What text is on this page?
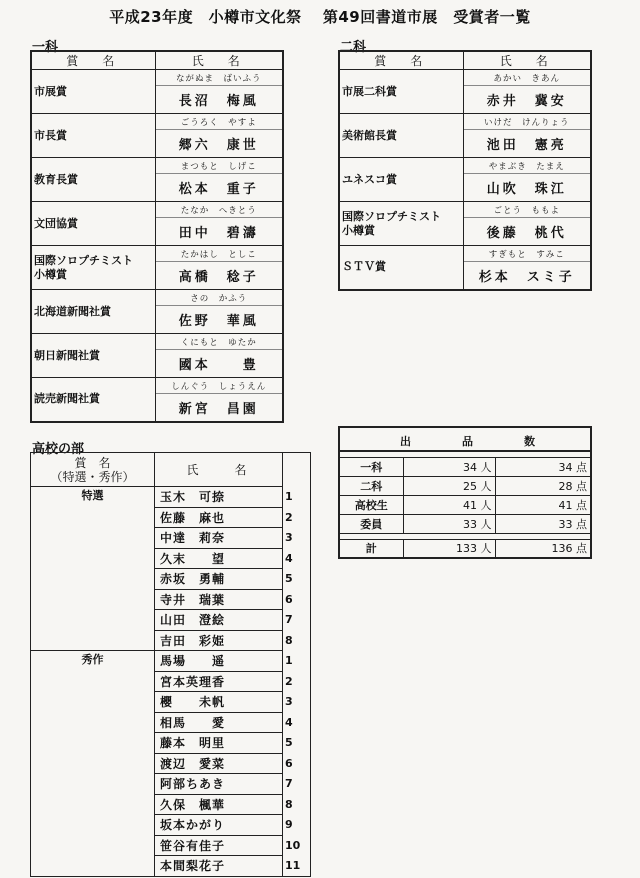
平成23年度　小樽市文化祭　 第49回書道市展　受賞者一覧
一科
賞　名	氏　名
市展賞	ながぬま　ばいふう
	長沼　梅風
市長賞	ごうろく　やすよ
	郷六　康世
教育長賞	まつもと　しげこ
	松本　重子
文団協賞	たなか　へきとう
	田中　碧濤
国際ソロプチミスト
小樽賞	たかはし　としこ
	高橋　稔子
北海道新聞社賞	さの　かふう
	佐野　華風
朝日新聞社賞	くにもと　ゆたか
	國本　　豊
読売新聞社賞	しんぐう　しょうえん
	新宮　昌園
二科
賞　名	氏　名
市展二科賞	あかい　きあん
	赤井　冀安
美術館長賞	いけだ　けんりょう
	池田　憲亮
ユネスコ賞	やまぶき　たまえ
	山吹　珠江
国際ソロプチミスト
小樽賞	ごとう　ももよ
	後藤　桃代
ＳＴＶ賞	すぎもと　すみこ
	杉本　スミ子
高校の部
賞　名
（特選・秀作）	氏　　名	
特選	玉木　可捺	1
	佐藤　麻也	2
	中達　莉奈	3
	久末　　望	4
	赤坂　勇輔	5
	寺井　瑞葉	6
	山田　澄絵	7
	吉田　彩姫	8
秀作	馬場　　遥	1
	宮本英理香	2
	櫻　　未帆	3
	相馬　　愛	4
	藤本　明里	5
	渡辺　愛菜	6
	阿部ちあき	7
	久保　楓華	8
	坂本かがり	9
	笹谷有佳子	10
	本間梨花子	11
出 品 数		

一科	34 人	34 点
二科	25 人	28 点
高校生	41 人	41 点
委員	33 人	33 点

計	133 人	136 点
